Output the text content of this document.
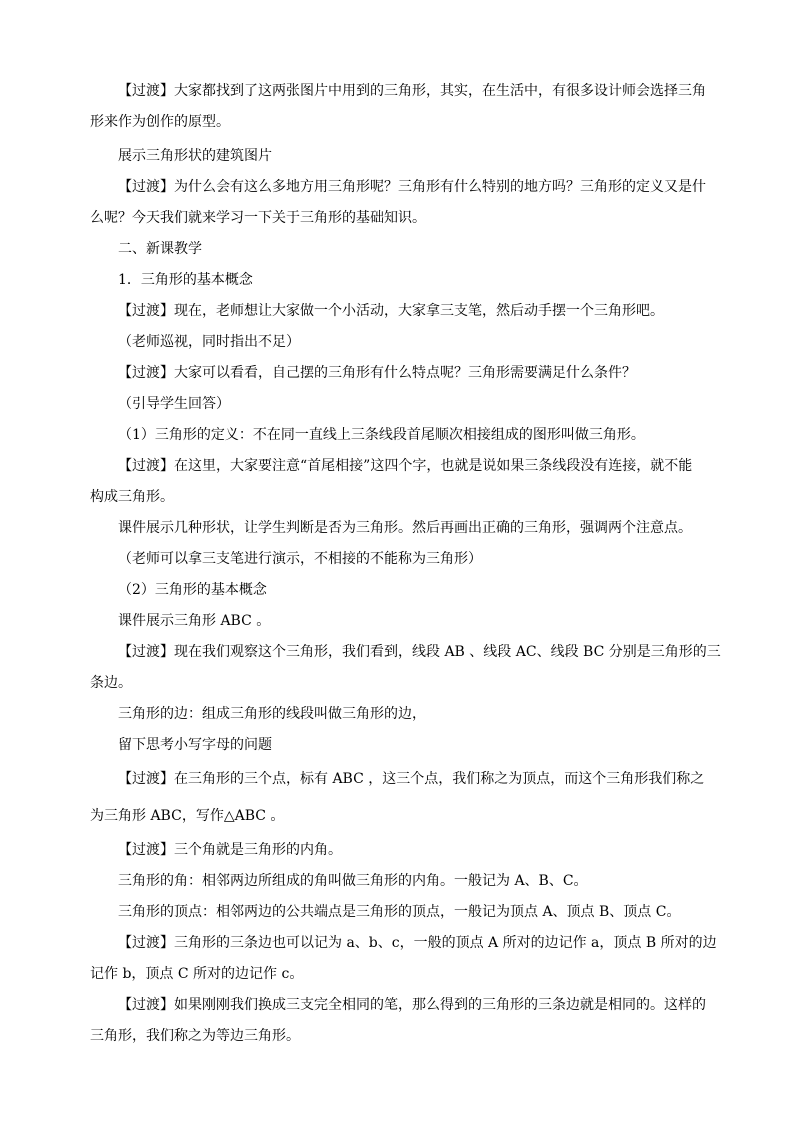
【过渡】大家都找到了这两张图片中用到的三角形，其实，在生活中，有很多设计师会选择三角
形来作为创作的原型。

展示三角形状的建筑图片

【过渡】为什么会有这么多地方用三角形呢？三角形有什么特别的地方吗？三角形的定义又是什
么呢？今天我们就来学习一下关于三角形的基础知识。

二、新课教学

1．三角形的基本概念

【过渡】现在，老师想让大家做一个小活动，大家拿三支笔，然后动手摆一个三角形吧。

（老师巡视，同时指出不足）

【过渡】大家可以看看，自己摆的三角形有什么特点呢？三角形需要满足什么条件？

（引导学生回答）

（1）三角形的定义：不在同一直线上三条线段首尾顺次相接组成的图形叫做三角形。

【过渡】在这里，大家要注意“首尾相接”这四个字，也就是说如果三条线段没有连接，就不能
构成三角形。

课件展示几种形状，让学生判断是否为三角形。然后再画出正确的三角形，强调两个注意点。

（老师可以拿三支笔进行演示，不相接的不能称为三角形）

（2）三角形的基本概念

课件展示三角形 ABC 。

【过渡】现在我们观察这个三角形，我们看到，线段 AB 、线段 AC、线段 BC 分别是三角形的三
条边。

三角形的边：组成三角形的线段叫做三角形的边，

留下思考小写字母的问题

【过渡】在三角形的三个点，标有 ABC ，这三个点，我们称之为顶点，而这个三角形我们称之
为三角形 ABC，写作△ABC 。

【过渡】三个角就是三角形的内角。

三角形的角：相邻两边所组成的角叫做三角形的内角。一般记为 A、B、C。

三角形的顶点：相邻两边的公共端点是三角形的顶点，一般记为顶点 A、顶点 B、顶点 C。

【过渡】三角形的三条边也可以记为 a、b、c，一般的顶点 A 所对的边记作 a，顶点 B 所对的边
记作 b，顶点 C 所对的边记作 c。

【过渡】如果刚刚我们换成三支完全相同的笔，那么得到的三角形的三条边就是相同的。这样的
三角形，我们称之为等边三角形。
